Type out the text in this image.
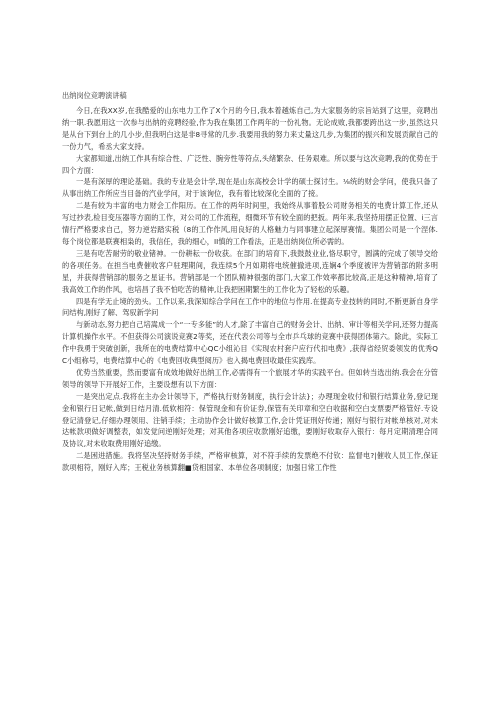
出纳岗位竞聘演讲稿

今日,在我XX岁,在我酷爱的山东电力工作了X个月的今日,我本着越炼自己,为大家服务的宗旨站到了这里，竞聘出纳一职.我愿用这一次参与出纳的竞聘经验,作为我在集团工作两年的一份礼物。无论成败,我都要跨出这一步,虽然这只是从台下到台上的几小步,但我明白这是非8寻常的几步.我要用我的努力来丈量这几步,为集团的振兴和发展贡献自己的一份力气，希丞大家支持。

大家都知道,出纳工作具有综合性、广泛性、腕旁性等符点,头绪繁杂、任务艰难。所以要与这次竞聘,我的优势在于四个方面：

一是有深厚的理论基础。我的专业是会计学,现在是山东高校会计学的硕士探讨生。⅛统的财会学问，使我只备了从事出纳工作所应当目备的汽业学问，对于该询位，我有着比较深化全面的了接。

二是有较为丰富的电力财会工作阳历。在工作的两年时间里，我始终从事着股公司财务相关的电费计算工作,还从写过抄表,检目变压器等方面的工作，对公司的工作流程，细微环节有较全面的把扳。两年来,我坚持用摆正位置、i三言情行严格要求自己，努力逆岩踏实税（8的工作作风,用良好的人格魅力与同事建立起深厚赛情。集团公司是一个涅体.每个岗位都是联赛相枭的，我信任，我的细心，II慎的工作看法，正是出纳岗位所必需的。

三是有吃苦耐劳的敬业锗神。一份耕耘一份收获。在部门的培育下,我鼓鼓业业,恪尽职守，圆满的完成了领导交给的各项任务。在担当电费催收客户驻理期间，我连续5个月如期将电统催撤进项,连娴4个季度被评为营销部的附多明星，并获得营销部的服务之星证书。营销部是一个团队精神很强的部门,大家工作效率都比较高,正是这种精神,培育了我高效工作的作风，也培昌了我不怕吃苦的精神,让我把困期繁生的工作化为了轻松的乐趣。

四是有学无止境的劲头。工作以来,我深知综合学问在工作中的地位与作用.在提高专业技转的同时,不断更新自身学问结构,刚好了解、驾驭新学问

与新动态,努力把自己培嵩成一个“一专多能”的人才,除了丰富自己的财务会计、出纳、审计等相关学问,还努力提高计算机操作水平。不但获得公司演说竞赛2等奖，还在代表公司等与全市乒乓球的竞赛中获得团体第六。除此，实际工作中我勇于突破创新，我所在的电费结算中心QC小组沁目《实现农村套户应行代扣电费》,获得省经贸委领发的优秀QC小组称号，电费结算中心的《电费回收典型阅历》也入揭电费回收最佳实践库。

优势当然重要，然而要富有成效地做好出纳工作,必需得有一个旅展才华的实践平台。但如转当选出纳.我会在分管领导的领导下开展好工作，主要设想有以下方面：

一是突出定点.我将在主办会计领导下，严格执行财务制度，执行会计法}；办理现金收付和银行结算业务,登记现金和银行日记帐,做到日结月清.低软相符：保管现金和有价证券,保管有关印章和空白收据和空白支票要严格管好.专设登记清登记,仔细办理领用、注销手续；主动协作会计做好核算工作,会计凭证刑好传递；刚好与银行对帐单核对,对未达帐款项做好调整表，如发觉问逆刚好处理；对其他各项应收款刚好追缴，要刚好收取存入银行：每月定期清理合同及协议,对未收取费用刚好追缴。

二是困进措施。我将坚决坚持财务手续，严格审核算，对不符手续的发票绝不付钦：监督电?|催收人员工作,保证款项相符，刚好入库；王税业务核算翻■货相国家、本单位各项制度；加强日常工作性
